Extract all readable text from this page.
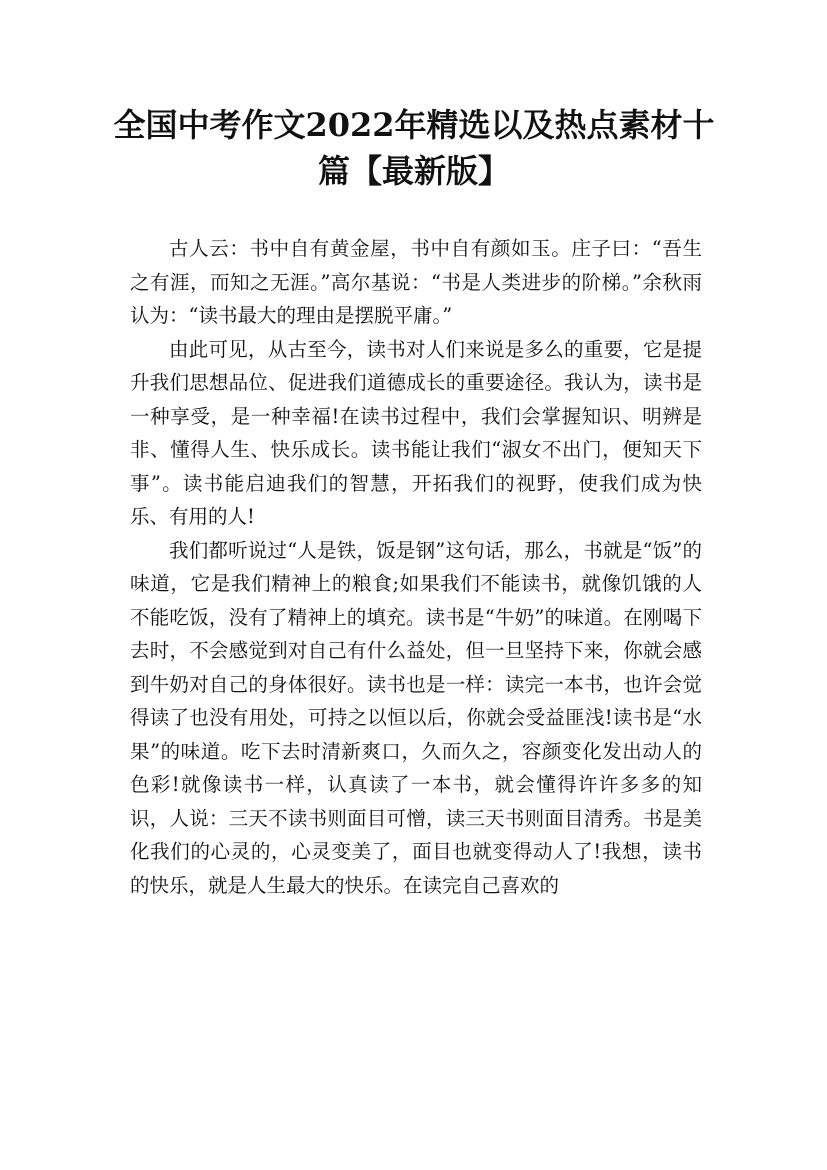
全国中考作文2022年精选以及热点素材十
篇【最新版】

古人云：书中自有黄金屋，书中自有颜如玉。庄子曰：“吾生之有涯，而知之无涯。”高尔基说：“书是人类进步的阶梯。”余秋雨认为：“读书最大的理由是摆脱平庸。”

由此可见，从古至今，读书对人们来说是多么的重要，它是提升我们思想品位、促进我们道德成长的重要途径。我认为，读书是一种享受，是一种幸福!在读书过程中，我们会掌握知识、明辨是非、懂得人生、快乐成长。读书能让我们“淑女不出门，便知天下事”。读书能启迪我们的智慧，开拓我们的视野，使我们成为快乐、有用的人!

我们都听说过“人是铁，饭是钢”这句话，那么，书就是“饭”的味道，它是我们精神上的粮食;如果我们不能读书，就像饥饿的人不能吃饭，没有了精神上的填充。读书是“牛奶”的味道。在刚喝下去时，不会感觉到对自己有什么益处，但一旦坚持下来，你就会感到牛奶对自己的身体很好。读书也是一样：读完一本书，也许会觉得读了也没有用处，可持之以恒以后，你就会受益匪浅!读书是“水果”的味道。吃下去时清新爽口，久而久之，容颜变化发出动人的色彩!就像读书一样，认真读了一本书，就会懂得许许多多的知识，人说：三天不读书则面目可憎，读三天书则面目清秀。书是美化我们的心灵的，心灵变美了，面目也就变得动人了!我想，读书的快乐，就是人生最大的快乐。在读完自己喜欢的
